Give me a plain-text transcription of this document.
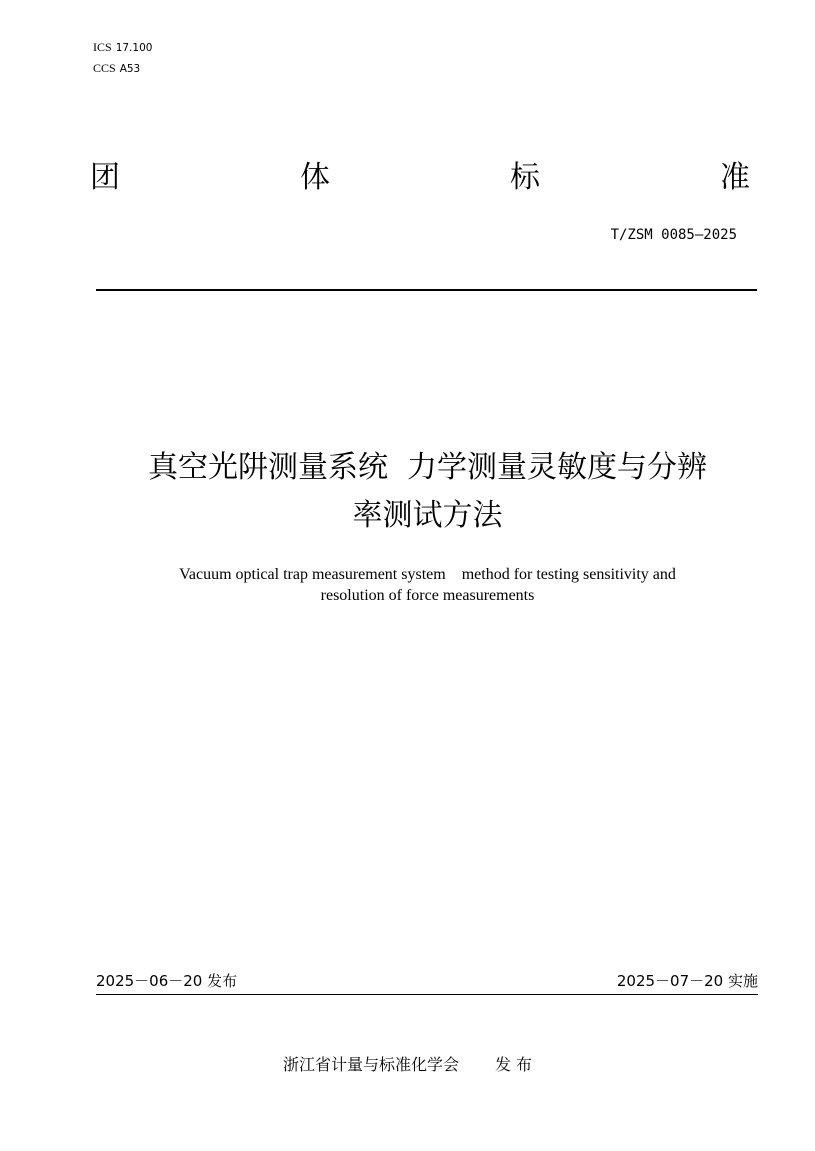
ICS 17.100
CCS A53
团	体	标	准
T/ZSM 0085—2025
真空光阱测量系统  力学测量灵敏度与分辨
率测试方法
Vacuum optical trap measurement system    method for testing sensitivity and
resolution of force measurements
2025－06－20 发布	2025－07－20 实施
浙江省计量与标准化学会 发 布
